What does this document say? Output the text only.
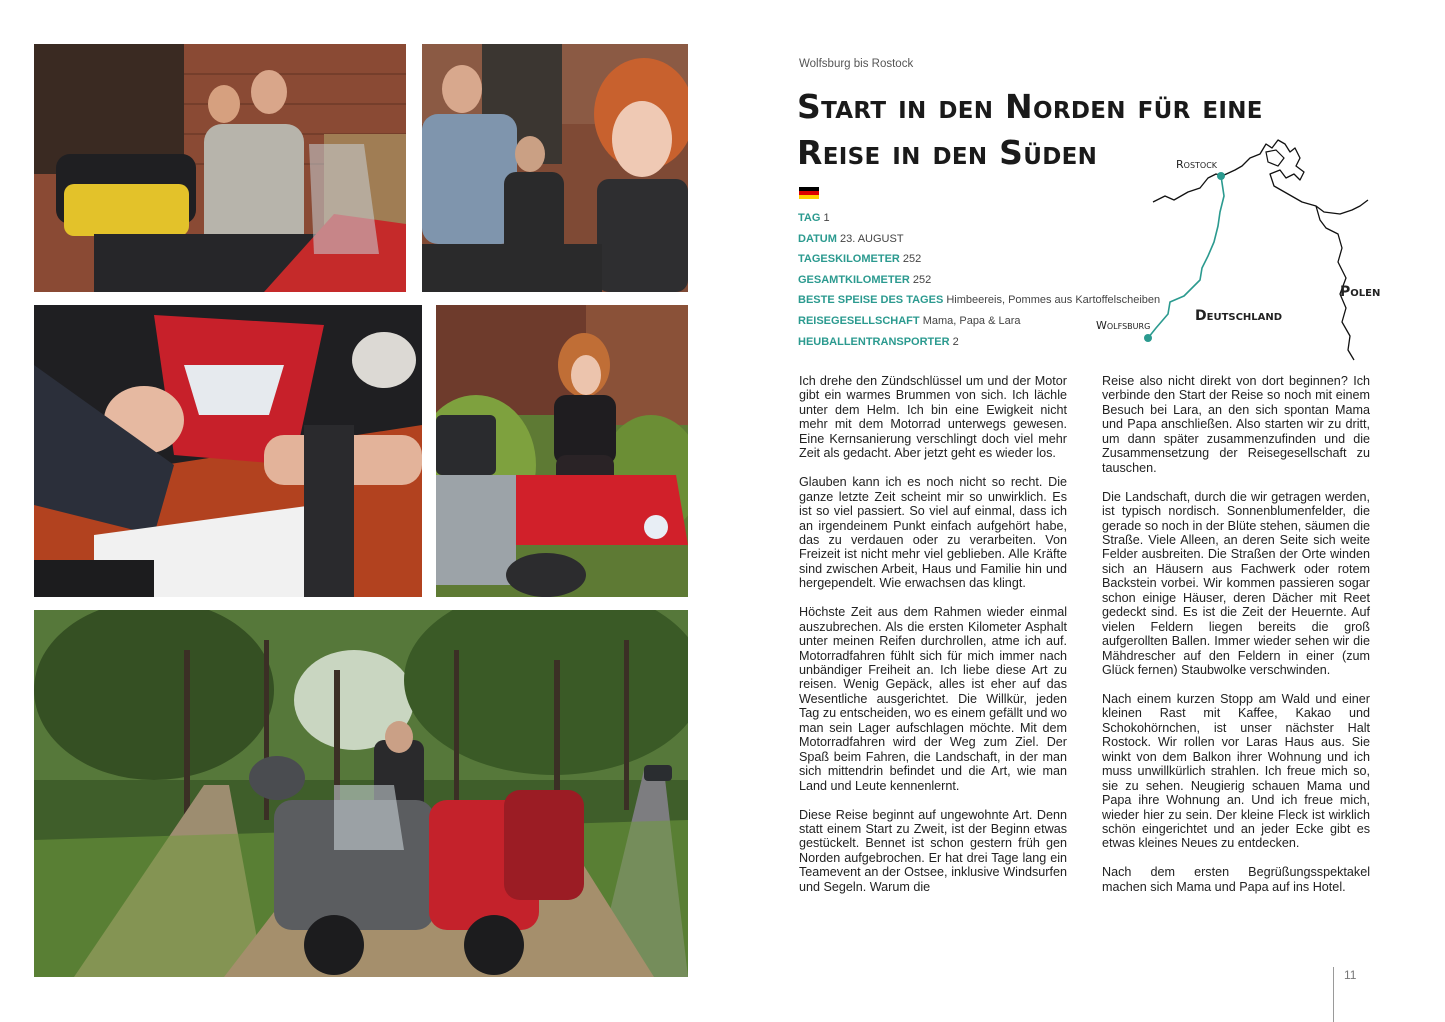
Wolfsburg bis Rostock
Start in den Norden für eine
Reise in den Süden
TAG 1
DATUM 23. AUGUST
TAGESKILOMETER 252
GESAMTKILOMETER 252
BESTE SPEISE DES TAGES Himbeereis, Pommes aus Kartoffelscheiben
REISEGESELLSCHAFT Mama, Papa & Lara
HEUBALLENTRANSPORTER 2
Rostock
Wolfsburg
Deutschland
Polen

Ich drehe den Zündschlüssel um und der Motor gibt ein warmes Brummen von sich. Ich lächle unter dem Helm. Ich bin eine Ewigkeit nicht mehr mit dem Motorrad unterwegs gewesen. Eine Kernsanierung verschlingt doch viel mehr Zeit als gedacht. Aber jetzt geht es wieder los.

Glauben kann ich es noch nicht so recht. Die ganze letzte Zeit scheint mir so unwirklich. Es ist so viel passiert. So viel auf einmal, dass ich an irgendeinem Punkt einfach aufgehört habe, das zu verdauen oder zu verarbeiten. Von Freizeit ist nicht mehr viel geblieben. Alle Kräfte sind zwischen Arbeit, Haus und Familie hin und hergependelt. Wie erwachsen das klingt.

Höchste Zeit aus dem Rahmen wieder einmal auszubrechen. Als die ersten Kilometer Asphalt unter meinen Reifen durchrollen, atme ich auf. Motorradfahren fühlt sich für mich immer nach unbändiger Freiheit an. Ich liebe diese Art zu reisen. Wenig Gepäck, alles ist eher auf das Wesentliche ausgerichtet. Die Willkür, jeden Tag zu entscheiden, wo es einem gefällt und wo man sein Lager aufschlagen möchte. Mit dem Motorradfahren wird der Weg zum Ziel. Der Spaß beim Fahren, die Landschaft, in der man sich mittendrin befindet und die Art, wie man Land und Leute kennenlernt.

Diese Reise beginnt auf ungewohnte Art. Denn statt einem Start zu Zweit, ist der Beginn etwas gestückelt. Bennet ist schon gestern früh gen Norden aufgebrochen. Er hat drei Tage lang ein Teamevent an der Ostsee, inklusive Windsurfen und Segeln. Warum die

Reise also nicht direkt von dort beginnen? Ich verbinde den Start der Reise so noch mit einem Besuch bei Lara, an den sich spontan Mama und Papa anschließen. Also starten wir zu dritt, um dann später zusammenzufinden und die Zusammensetzung der Reisegesellschaft zu tauschen.

Die Landschaft, durch die wir getragen werden, ist typisch nordisch. Sonnenblumenfelder, die gerade so noch in der Blüte stehen, säumen die Straße. Viele Alleen, an deren Seite sich weite Felder ausbreiten. Die Straßen der Orte winden sich an Häusern aus Fachwerk oder rotem Backstein vorbei. Wir kommen passieren sogar schon einige Häuser, deren Dächer mit Reet gedeckt sind. Es ist die Zeit der Heuernte. Auf vielen Feldern liegen bereits die groß aufgerollten Ballen. Immer wieder sehen wir die Mähdrescher auf den Feldern in einer (zum Glück fernen) Staubwolke verschwinden.

Nach einem kurzen Stopp am Wald und einer kleinen Rast mit Kaffee, Kakao und Schokohörnchen, ist unser nächster Halt Rostock. Wir rollen vor Laras Haus aus. Sie winkt von dem Balkon ihrer Wohnung und ich muss unwillkürlich strahlen. Ich freue mich so, sie zu sehen. Neugierig schauen Mama und Papa ihre Wohnung an. Und ich freue mich, wieder hier zu sein. Der kleine Fleck ist wirklich schön eingerichtet und an jeder Ecke gibt es etwas kleines Neues zu entdecken.

Nach dem ersten Begrüßungsspektakel machen sich Mama und Papa auf ins Hotel.

11
